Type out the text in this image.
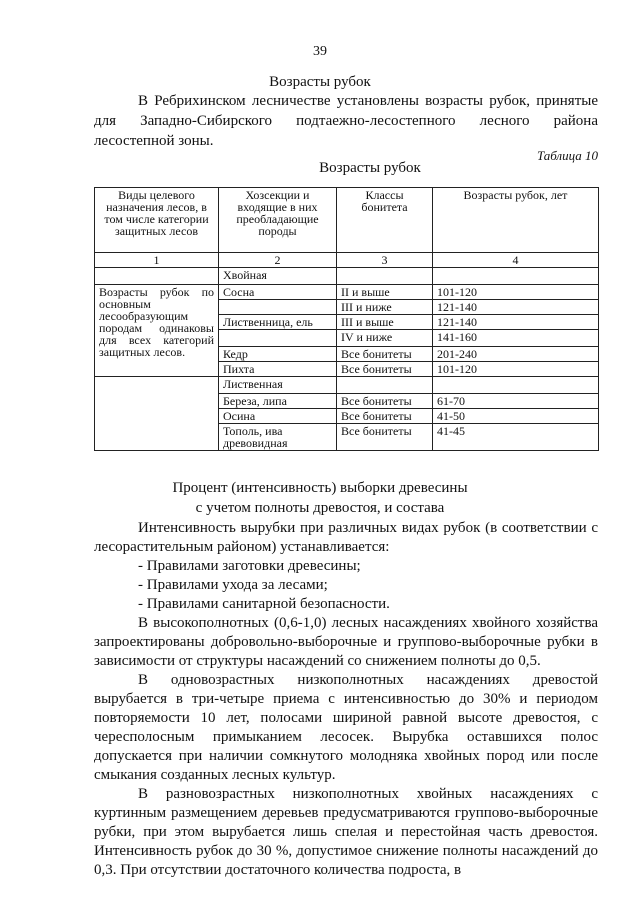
39
Возрасты рубок
В Ребрихинском лесничестве установлены возрасты рубок, принятые
для Западно-Сибирского подтаежно-лесостепного лесного района лесостепной зоны.
Таблица 10
Возрасты рубок
Виды целевого назначения лесов, в том числе категории защитных лесов	Хозсекции и входящие в них преобладающие породы	Классы бонитета	Возрасты рубок, лет
1	2	3	4
	Хвойная		
Возрасты рубок по основным лесообразующим породам одинаковы для всех категорий защитных лесов.	Сосна	II и выше	101-120
		III и ниже	121-140
	Лиственница, ель	III и выше	121-140
		IV и ниже	141-160
	Кедр	Все бонитеты	201-240
	Пихта	Все бонитеты	101-120
	Лиственная		
	Береза, липа	Все бонитеты	61-70
	Осина	Все бонитеты	41-50
	Тополь, ива древовидная	Все бонитеты	41-45
Процент (интенсивность) выборки древесины
с учетом полноты древостоя, и состава

Интенсивность вырубки при различных видах рубок (в соответствии с лесорастительным районом) устанавливается:

- Правилами заготовки древесины;

- Правилами ухода за лесами;

- Правилами санитарной безопасности.

В высокополнотных (0,6-1,0) лесных насаждениях хвойного хозяйства запроектированы добровольно-выборочные и группово-выборочные рубки в зависимости от структуры насаждений со снижением полноты до 0,5.

В одновозрастных низкополнотных насаждениях древостой вырубается в три-четыре приема с интенсивностью до 30% и периодом повторяемости 10 лет, полосами шириной равной высоте древостоя, с чересполосным примыканием лесосек. Вырубка оставшихся полос допускается при наличии сомкнутого молодняка хвойных пород или после смыкания созданных лесных культур.

В разновозрастных низкополнотных хвойных насаждениях с куртинным размещением деревьев предусматриваются группово-выборочные рубки, при этом вырубается лишь спелая и перестойная часть древостоя. Интенсивность рубок до 30 %, допустимое снижение полноты насаждений до 0,3. При отсутствии достаточного количества подроста, в
